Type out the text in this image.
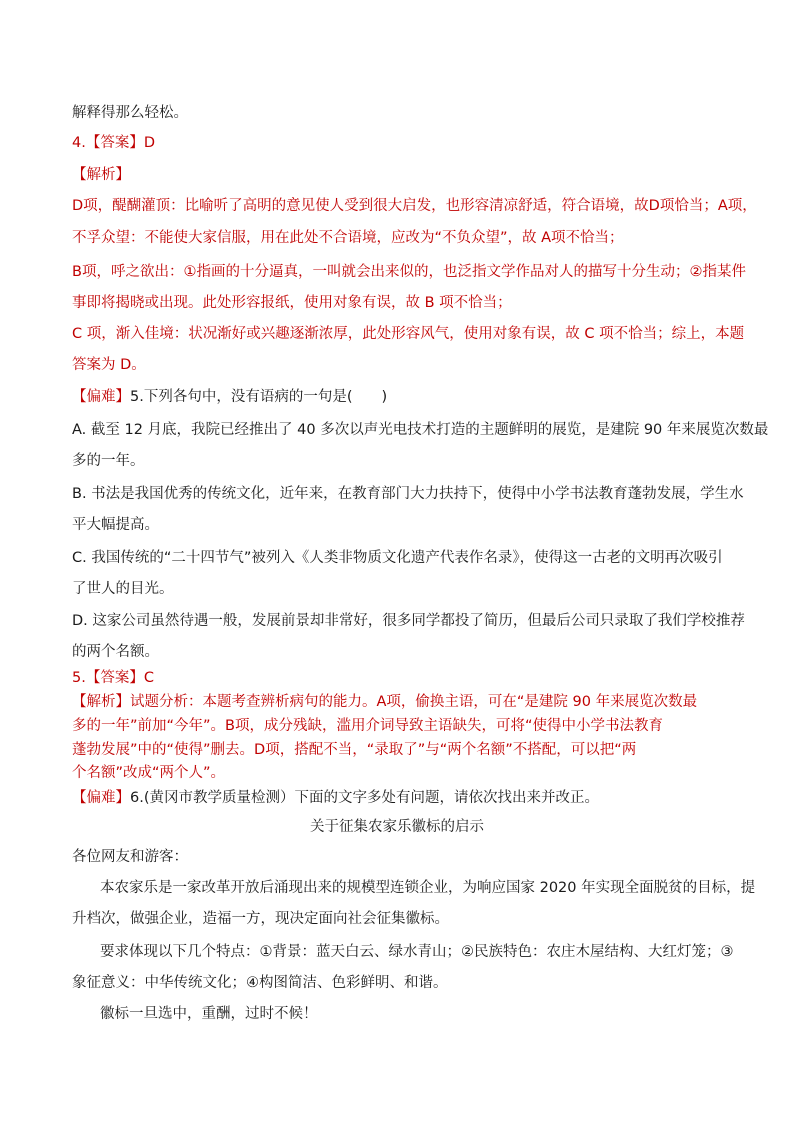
解释得那么轻松。
4.【答案】D
【解析】
D项，醍醐灌顶：比喻听了高明的意见使人受到很大启发，也形容清凉舒适，符合语境，故D项恰当；A项，
不孚众望：不能使大家信服，用在此处不合语境，应改为“不负众望”，故 A项不恰当；
B项，呼之欲出：①指画的十分逼真，一叫就会出来似的，也泛指文学作品对人的描写十分生动；②指某件
事即将揭晓或出现。此处形容报纸，使用对象有误，故 B 项不恰当；
C 项，渐入佳境：状况渐好或兴趣逐渐浓厚，此处形容风气，使用对象有误，故 C 项不恰当；综上，本题
答案为 D。
【偏难】5.下列各句中，没有语病的一句是(　　)
A. 截至 12 月底，我院已经推出了 40 多次以声光电技术打造的主题鲜明的展览，是建院 90 年来展览次数最
多的一年。
B. 书法是我国优秀的传统文化，近年来，在教育部门大力扶持下，使得中小学书法教育蓬勃发展，学生水
平大幅提高。
C. 我国传统的“二十四节气”被列入《人类非物质文化遗产代表作名录》，使得这一古老的文明再次吸引
了世人的目光。
D. 这家公司虽然待遇一般，发展前景却非常好，很多同学都投了简历，但最后公司只录取了我们学校推荐
的两个名额。
5.【答案】C
【解析】试题分析：本题考查辨析病句的能力。A项，偷换主语，可在“是建院 90 年来展览次数最
多的一年”前加“今年”。B项，成分残缺，滥用介词导致主语缺失，可将“使得中小学书法教育
蓬勃发展”中的“使得”删去。D项，搭配不当，“录取了”与“两个名额”不搭配，可以把“两
个名额”改成“两个人”。
【偏难】6.(黄冈市教学质量检测）下面的文字多处有问题，请依次找出来并改正。
关于征集农家乐徽标的启示
各位网友和游客：
本农家乐是一家改革开放后涌现出来的规模型连锁企业，为响应国家 2020 年实现全面脱贫的目标，提
升档次，做强企业，造福一方，现决定面向社会征集徽标。
要求体现以下几个特点：①背景：蓝天白云、绿水青山；②民族特色：农庄木屋结构、大红灯笼；③
象征意义：中华传统文化；④构图简洁、色彩鲜明、和谐。
徽标一旦选中，重酬，过时不候！
